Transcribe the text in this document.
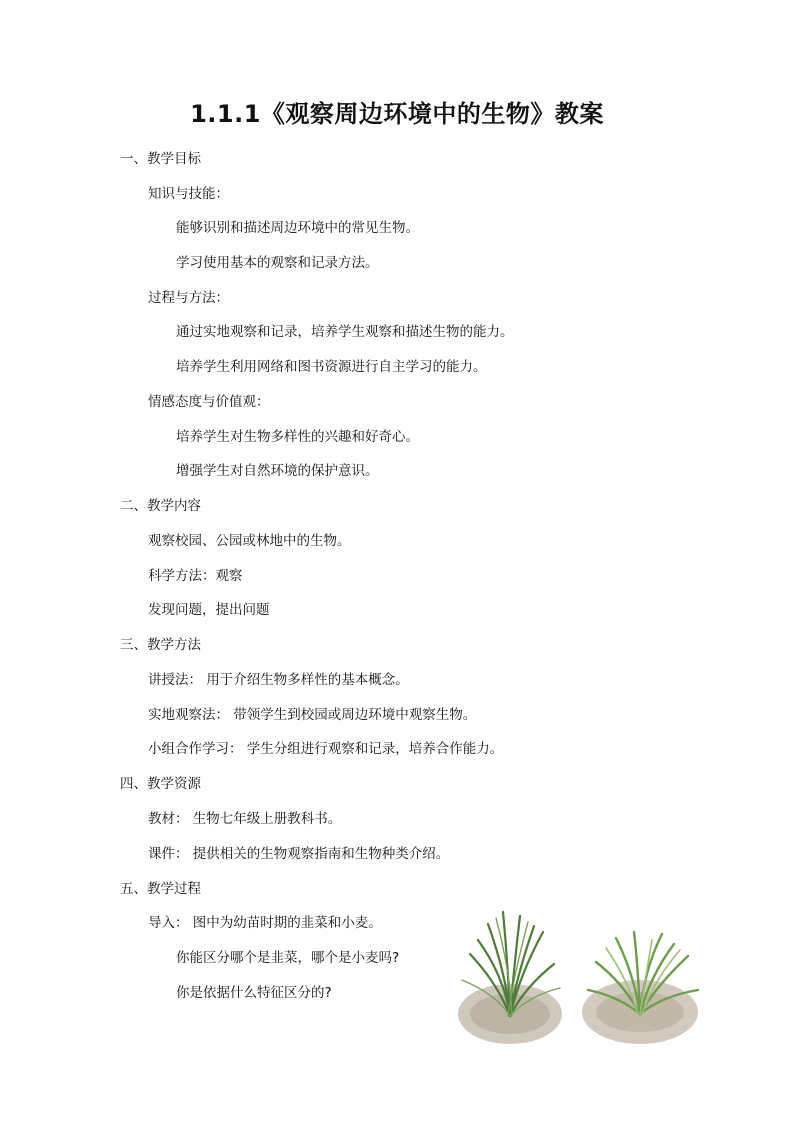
1.1.1《观察周边环境中的生物》教案
一、教学目标
知识与技能：
能够识别和描述周边环境中的常见生物。
学习使用基本的观察和记录方法。
过程与方法：
通过实地观察和记录，培养学生观察和描述生物的能力。
培养学生利用网络和图书资源进行自主学习的能力。
情感态度与价值观：
培养学生对生物多样性的兴趣和好奇心。
增强学生对自然环境的保护意识。
二、教学内容
观察校园、公园或林地中的生物。
科学方法：观察
发现问题，提出问题
三、教学方法
讲授法： 用于介绍生物多样性的基本概念。
实地观察法： 带领学生到校园或周边环境中观察生物。
小组合作学习： 学生分组进行观察和记录，培养合作能力。
四、教学资源
教材： 生物七年级上册教科书。
课件： 提供相关的生物观察指南和生物种类介绍。
五、教学过程
导入： 图中为幼苗时期的韭菜和小麦。
你能区分哪个是韭菜，哪个是小麦吗?
你是依据什么特征区分的?
